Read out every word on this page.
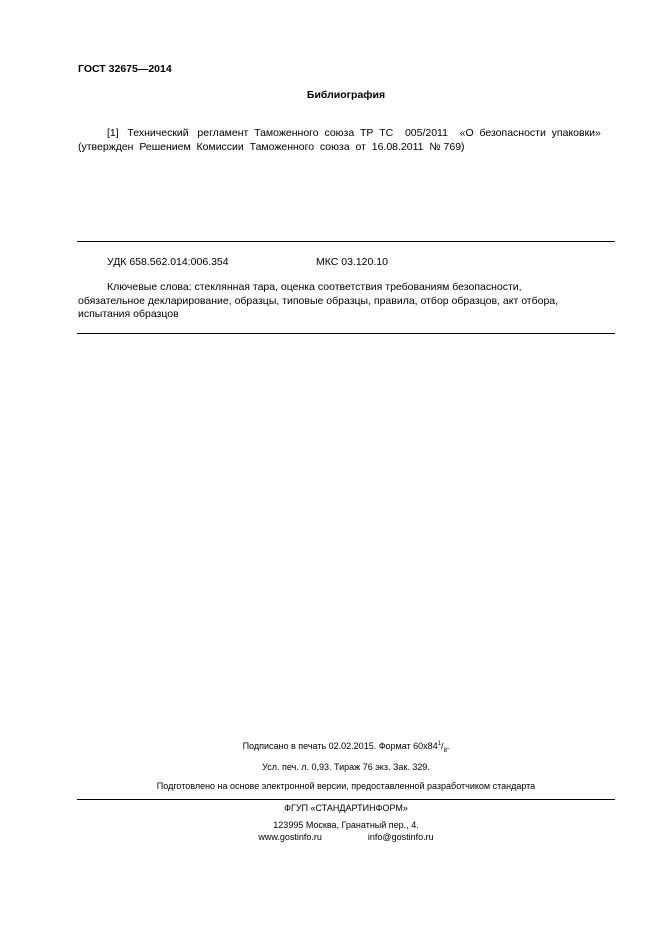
ГОСТ 32675—2014
Библиография
[1]   Технический   регламент  Таможенного  союза  ТР  ТС    005/2011    «О  безопасности  упаковки»
(утвержден  Решением  Комиссии  Таможенного  союза  от  16.08.2011  № 769)
УДК 658.562.014:006.354	МКС 03.120.10
Ключевые слова: стеклянная тара, оценка соответствия требованиям безопасности,
обязательное декларирование, образцы, типовые образцы, правила, отбор образцов, акт отбора,
испытания образцов
Подписано в печать 02.02.2015. Формат $60x84^1/_8$.
Усл. печ. л. 0,93. Тираж 76 экз. Зак. 329.
Подготовлено на основе электронной версии, предоставленной разработчиком стандарта
ФГУП «СТАНДАРТИНФОРМ»
123995 Москва, Гранатный пер., 4.
www.gostinfo.ru	info@gostinfo.ru
